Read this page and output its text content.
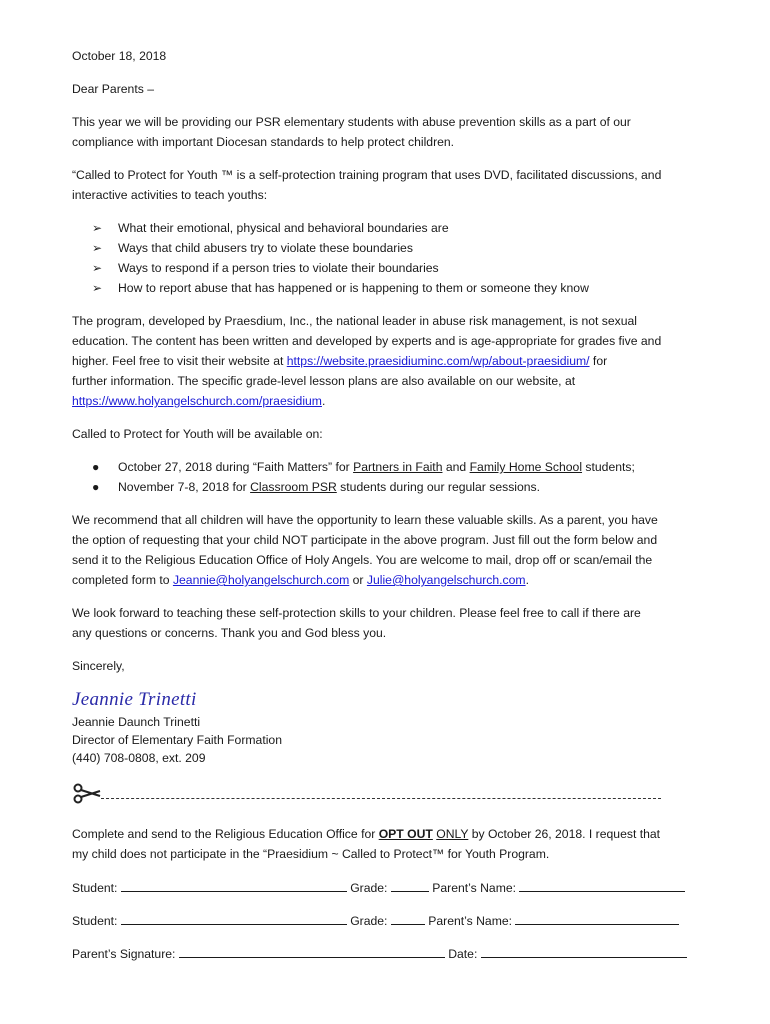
October 18, 2018
Dear Parents –
This year we will be providing our PSR elementary students with abuse prevention skills as a part of our
compliance with important Diocesan standards to help protect children.
“Called to Protect for Youth ™ is a self-protection training program that uses DVD, facilitated discussions, and
interactive activities to teach youths:
➢ What their emotional, physical and behavioral boundaries are
➢ Ways that child abusers try to violate these boundaries
➢ Ways to respond if a person tries to violate their boundaries
➢ How to report abuse that has happened or is happening to them or someone they know
The program, developed by Praesdium, Inc., the national leader in abuse risk management, is not sexual
education. The content has been written and developed by experts and is age-appropriate for grades five and
higher. Feel free to visit their website at https://website.praesidiuminc.com/wp/about-praesidium/ for
further information. The specific grade-level lesson plans are also available on our website, at
https://www.holyangelschurch.com/praesidium.
Called to Protect for Youth will be available on:
● October 27, 2018 during “Faith Matters” for Partners in Faith and Family Home School students;
● November 7-8, 2018 for Classroom PSR students during our regular sessions.
We recommend that all children will have the opportunity to learn these valuable skills. As a parent, you have
the option of requesting that your child NOT participate in the above program. Just fill out the form below and
send it to the Religious Education Office of Holy Angels. You are welcome to mail, drop off or scan/email the
completed form to Jeannie@holyangelschurch.com or Julie@holyangelschurch.com.
We look forward to teaching these self-protection skills to your children. Please feel free to call if there are
any questions or concerns. Thank you and God bless you.
Sincerely,
Jeannie Trinetti
Jeannie Daunch Trinetti
Director of Elementary Faith Formation
(440) 708-0808, ext. 209
Complete and send to the Religious Education Office for OPT OUT ONLY by October 26, 2018. I request that
my child does not participate in the “Praesidium ~ Called to Protect™ for Youth Program.
Student:	Grade:	Parent’s Name:
Student:	Grade:	Parent’s Name:
Parent’s Signature:	Date:
